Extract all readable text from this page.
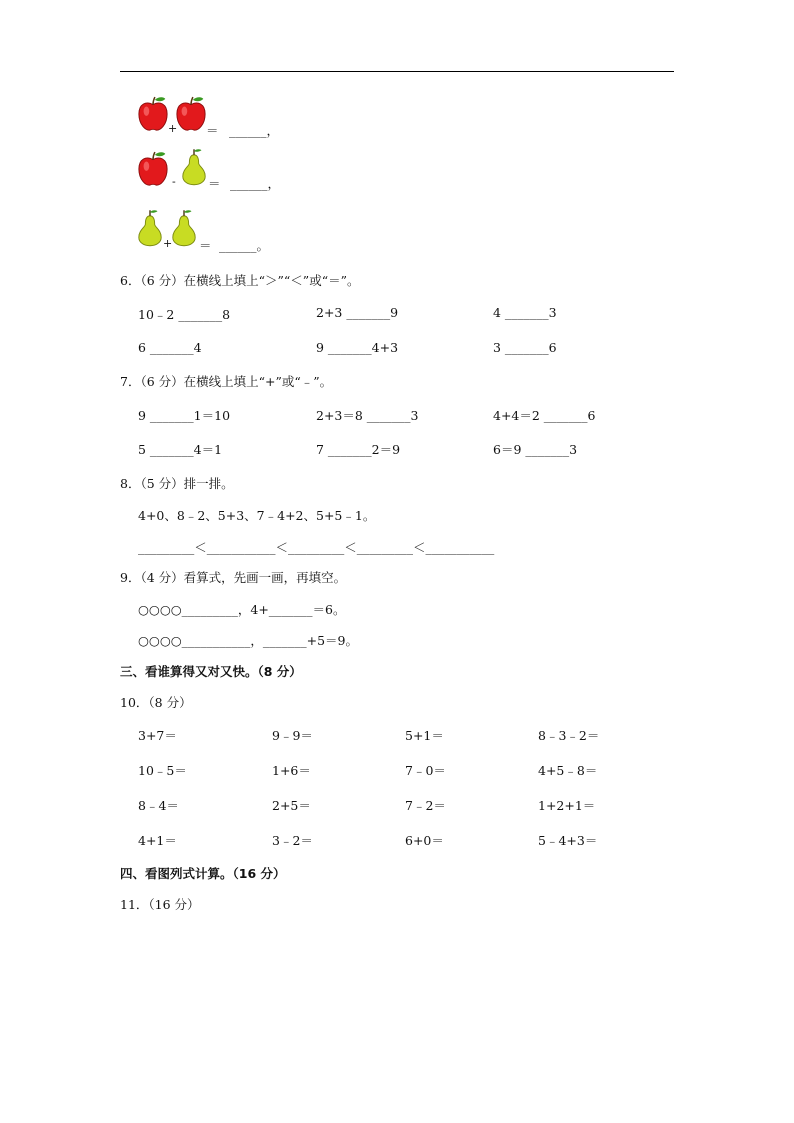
+ ＝ ______，
-	＝ ______，
+ ＝ ______。
6．（6 分）在横线上填上“＞”“＜”或“＝”。
10﹣2 _______8	2+3 _______9	4 _______3
6 _______4	9 _______4+3	3 _______6
7．（6 分）在横线上填上“+”或“﹣”。
9 _______1＝10	2+3＝8 _______3	4+4＝2 _______6
5 _______4＝1	7 _______2＝9	6＝9 _______3
8．（5 分）排一排。
4+0、8﹣2、5+3、7﹣4+2、5+5﹣1。
_________＜___________＜_________＜_________＜___________
9．（4 分）看算式，先画一画，再填空。
○○○○_________，4+_______＝6。
○○○○___________，_______+5＝9。
三、看谁算得又对又快。（8 分）
10．（8 分）
3+7＝	9﹣9＝	5+1＝	8﹣3﹣2＝
10﹣5＝	1+6＝	7﹣0＝	4+5﹣8＝
8﹣4＝	2+5＝	7﹣2＝	1+2+1＝
4+1＝	3﹣2＝	6+0＝	5﹣4+3＝
四、看图列式计算。（16 分）
11．（16 分）
